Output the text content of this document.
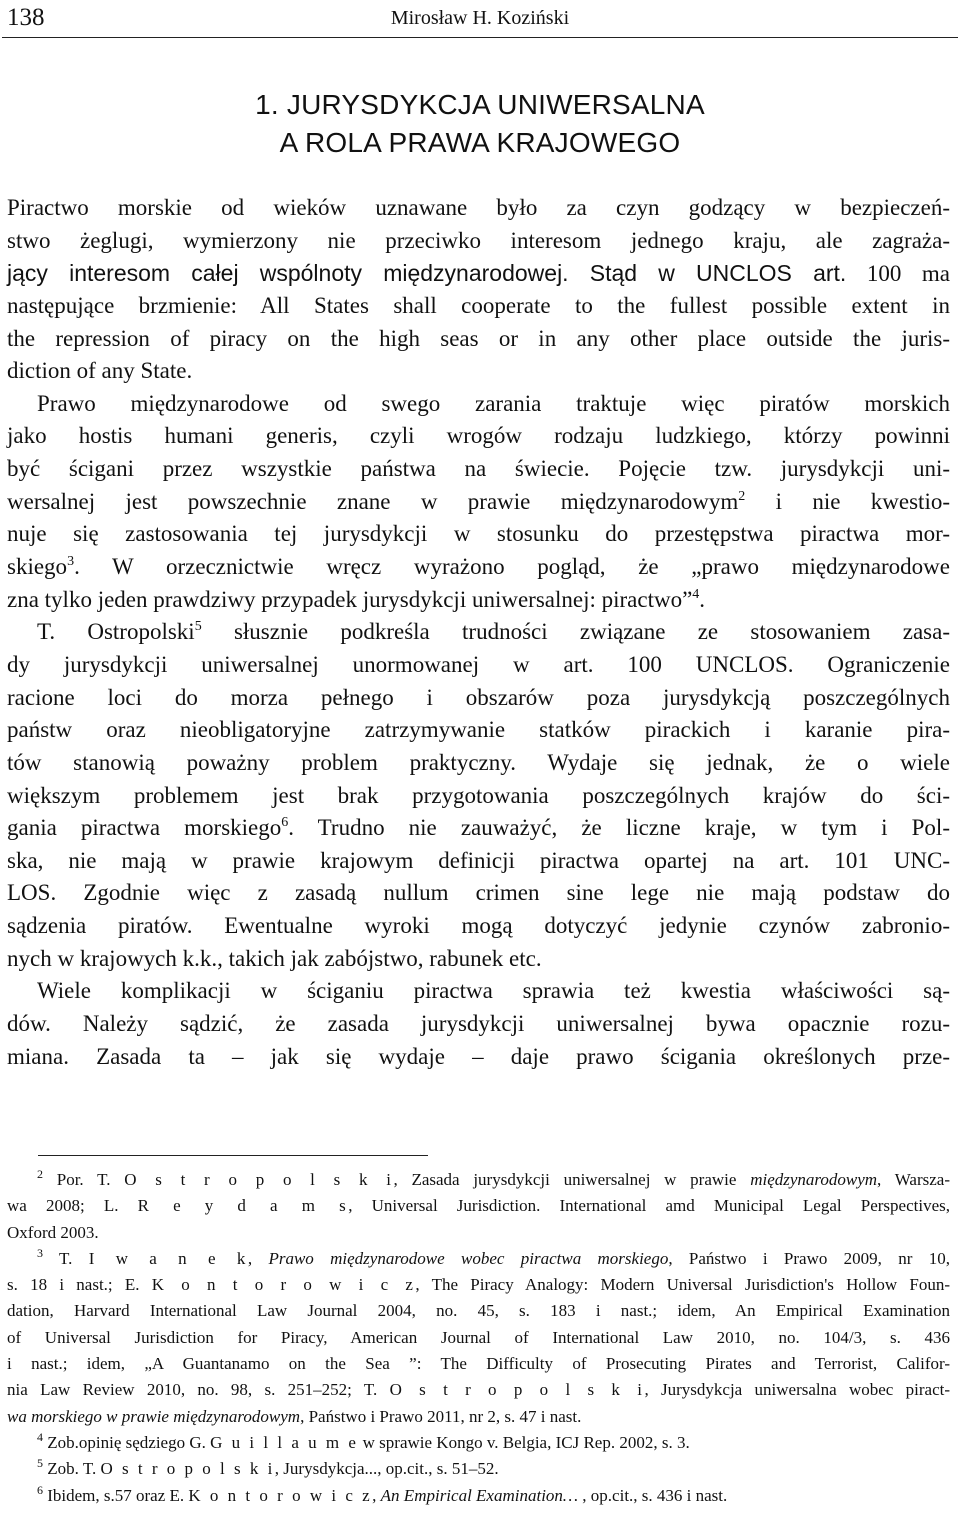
138	Mirosław H. Koziński
1. JURYSDYKCJA UNIWERSALNA
A ROLA PRAWA KRAJOWEGO
Piractwo morskie od wieków uznawane było za czyn godzący w bezpieczeń-
stwo żeglugi, wymierzony nie przeciwko interesom jednego kraju, ale zagraża-
jący interesom całej wspólnoty międzynarodowej. Stąd w UNCLOS art. 100 ma
następujące brzmienie: All States shall cooperate to the fullest possible extent in
the repression of piracy on the high seas or in any other place outside the juris-
diction of any State.
Prawo międzynarodowe od swego zarania traktuje więc piratów morskich
jako hostis humani generis, czyli wrogów rodzaju ludzkiego, którzy powinni
być ścigani przez wszystkie państwa na świecie. Pojęcie tzw. jurysdykcji uni-
wersalnej jest powszechnie znane w prawie międzynarodowym$^2$ i nie kwestio-
nuje się zastosowania tej jurysdykcji w stosunku do przestępstwa piractwa mor-
skiego$^3$. W orzecznictwie wręcz wyrażono pogląd, że „prawo międzynarodowe
zna tylko jeden prawdziwy przypadek jurysdykcji uniwersalnej: piractwo”$^4$.
T. Ostropolski$^5$ słusznie podkreśla trudności związane ze stosowaniem zasa-
dy jurysdykcji uniwersalnej unormowanej w art. 100 UNCLOS. Ograniczenie
racione loci do morza pełnego i obszarów poza jurysdykcją poszczególnych
państw oraz nieobligatoryjne zatrzymywanie statków pirackich i karanie pira-
tów stanowią poważny problem praktyczny. Wydaje się jednak, że o wiele
większym problemem jest brak przygotowania poszczególnych krajów do ści-
gania piractwa morskiego$^6$. Trudno nie zauważyć, że liczne kraje, w tym i Pol-
ska, nie mają w prawie krajowym definicji piractwa opartej na art. 101 UNC-
LOS. Zgodnie więc z zasadą nullum crimen sine lege nie mają podstaw do
sądzenia piratów. Ewentualne wyroki mogą dotyczyć jedynie czynów zabronio-
nych w krajowych k.k., takich jak zabójstwo, rabunek etc.
Wiele komplikacji w ściganiu piractwa sprawia też kwestia właściwości są-
dów. Należy sądzić, że zasada jurysdykcji uniwersalnej bywa opacznie rozu-
miana. Zasada ta – jak się wydaje – daje prawo ścigania określonych prze-
$^2$ Por. T. O s t r o p o l s k i, Zasada jurysdykcji uniwersalnej w prawie międzynarodowym, Warsza-
wa 2008; L. R e y d a m s, Universal Jurisdiction. International amd Municipal Legal Perspectives,
Oxford 2003.
$^3$ T. I w a n e k, Prawo międzynarodowe wobec piractwa morskiego, Państwo i Prawo 2009, nr 10,
s. 18 i nast.; E. K o n t o r o w i c z, The Piracy Analogy: Modern Universal Jurisdiction's Hollow Foun-
dation, Harvard International Law Journal 2004, no. 45, s. 183 i nast.; idem, An Empirical Examination
of Universal Jurisdiction for Piracy, American Journal of International Law 2010, no. 104/3, s. 436
i nast.; idem, „A Guantanamo on the Sea ”: The Difficulty of Prosecuting Pirates and Terrorist, Califor-
nia Law Review 2010, no. 98, s. 251–252; T. O s t r o p o l s k i, Jurysdykcja uniwersalna wobec piract-
wa morskiego w prawie międzynarodowym, Państwo i Prawo 2011, nr 2, s. 47 i nast.
$^4$ Zob.opinię sędziego G. G u i l l a u m e w sprawie Kongo v. Belgia, ICJ Rep. 2002, s. 3.
$^5$ Zob. T. O s t r o p o l s k i, Jurysdykcja..., op.cit., s. 51–52.
$^6$ Ibidem, s.57 oraz E. K o n t o r o w i c z, An Empirical Examination… , op.cit., s. 436 i nast.
